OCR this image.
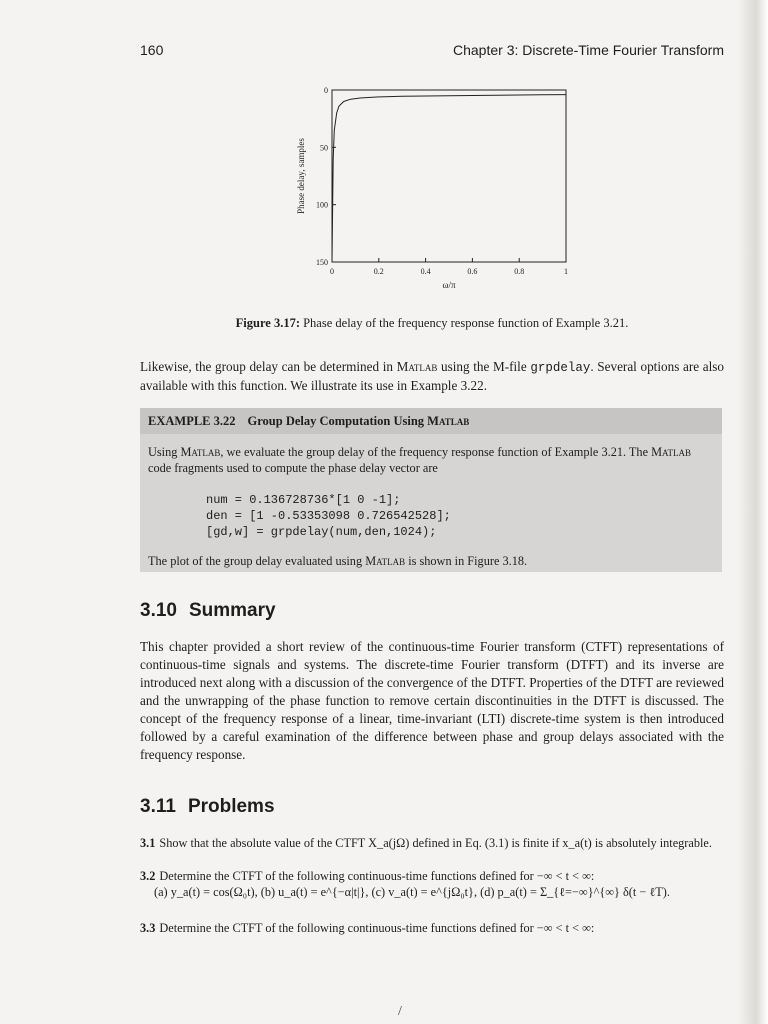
160	Chapter 3: Discrete-Time Fourier Transform
0	0.2	0.4	0.6	0.8	1
0
50
100
150
ω/π
Phase delay, samples
Figure 3.17: Phase delay of the frequency response function of Example 3.21.
Likewise, the group delay can be determined in Matlab using the M-file grpdelay. Several options are also available with this function. We illustrate its use in Example 3.22.
EXAMPLE 3.22 Group Delay Computation Using Matlab
Using Matlab, we evaluate the group delay of the frequency response function of Example 3.21. The Matlab code fragments used to compute the phase delay vector are
num = 0.136728736*[1 0 -1];
den = [1 -0.53353098 0.726542528];
[gd,w] = grpdelay(num,den,1024);
The plot of the group delay evaluated using Matlab is shown in Figure 3.18.
3.10 Summary
This chapter provided a short review of the continuous-time Fourier transform (CTFT) representations of continuous-time signals and systems. The discrete-time Fourier transform (DTFT) and its inverse are introduced next along with a discussion of the convergence of the DTFT. Properties of the DTFT are reviewed and the unwrapping of the phase function to remove certain discontinuities in the DTFT is discussed. The concept of the frequency response of a linear, time-invariant (LTI) discrete-time system is then introduced followed by a careful examination of the difference between phase and group delays associated with the frequency response.
3.11 Problems
3.1 Show that the absolute value of the CTFT X_a(jΩ) defined in Eq. (3.1) is finite if x_a(t) is absolutely integrable.
3.2 Determine the CTFT of the following continuous-time functions defined for −∞ < t < ∞:
(a) y_a(t) = cos(Ω₀t), (b) u_a(t) = e^{−α|t|}, (c) v_a(t) = e^{jΩ₀t}, (d) p_a(t) = Σ_{ℓ=−∞}^{∞} δ(t − ℓT).
3.3 Determine the CTFT of the following continuous-time functions defined for −∞ < t < ∞:
/
